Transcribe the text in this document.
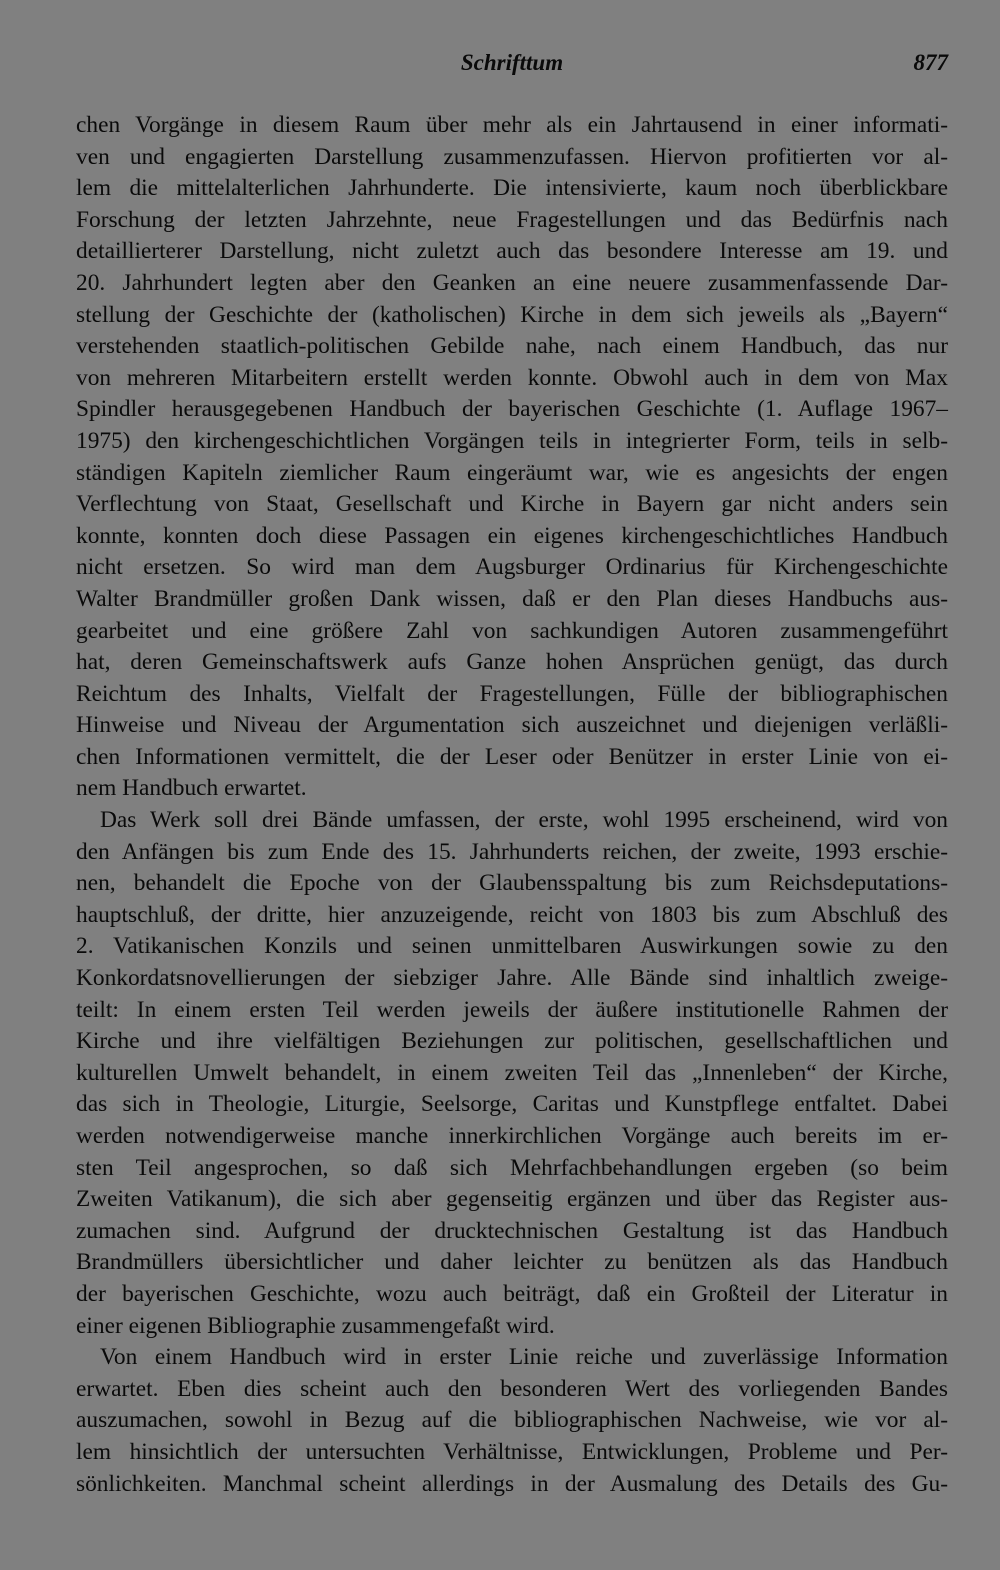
Schrifttum	877
chen Vorgänge in diesem Raum über mehr als ein Jahrtausend in einer informati-
ven und engagierten Darstellung zusammenzufassen. Hiervon profitierten vor al-
lem die mittelalterlichen Jahrhunderte. Die intensivierte, kaum noch überblickbare
Forschung der letzten Jahrzehnte, neue Fragestellungen und das Bedürfnis nach
detaillierterer Darstellung, nicht zuletzt auch das besondere Interesse am 19. und
20. Jahrhundert legten aber den Geanken an eine neuere zusammenfassende Dar-
stellung der Geschichte der (katholischen) Kirche in dem sich jeweils als „Bayern“
verstehenden staatlich-politischen Gebilde nahe, nach einem Handbuch, das nur
von mehreren Mitarbeitern erstellt werden konnte. Obwohl auch in dem von Max
Spindler herausgegebenen Handbuch der bayerischen Geschichte (1. Auflage 1967–
1975) den kirchengeschichtlichen Vorgängen teils in integrierter Form, teils in selb-
ständigen Kapiteln ziemlicher Raum eingeräumt war, wie es angesichts der engen
Verflechtung von Staat, Gesellschaft und Kirche in Bayern gar nicht anders sein
konnte, konnten doch diese Passagen ein eigenes kirchengeschichtliches Handbuch
nicht ersetzen. So wird man dem Augsburger Ordinarius für Kirchengeschichte
Walter Brandmüller großen Dank wissen, daß er den Plan dieses Handbuchs aus-
gearbeitet und eine größere Zahl von sachkundigen Autoren zusammengeführt
hat, deren Gemeinschaftswerk aufs Ganze hohen Ansprüchen genügt, das durch
Reichtum des Inhalts, Vielfalt der Fragestellungen, Fülle der bibliographischen
Hinweise und Niveau der Argumentation sich auszeichnet und diejenigen verläßli-
chen Informationen vermittelt, die der Leser oder Benützer in erster Linie von ei-
nem Handbuch erwartet.
Das Werk soll drei Bände umfassen, der erste, wohl 1995 erscheinend, wird von
den Anfängen bis zum Ende des 15. Jahrhunderts reichen, der zweite, 1993 erschie-
nen, behandelt die Epoche von der Glaubensspaltung bis zum Reichsdeputations-
hauptschluß, der dritte, hier anzuzeigende, reicht von 1803 bis zum Abschluß des
2. Vatikanischen Konzils und seinen unmittelbaren Auswirkungen sowie zu den
Konkordatsnovellierungen der siebziger Jahre. Alle Bände sind inhaltlich zweige-
teilt: In einem ersten Teil werden jeweils der äußere institutionelle Rahmen der
Kirche und ihre vielfältigen Beziehungen zur politischen, gesellschaftlichen und
kulturellen Umwelt behandelt, in einem zweiten Teil das „Innenleben“ der Kirche,
das sich in Theologie, Liturgie, Seelsorge, Caritas und Kunstpflege entfaltet. Dabei
werden notwendigerweise manche innerkirchlichen Vorgänge auch bereits im er-
sten Teil angesprochen, so daß sich Mehrfachbehandlungen ergeben (so beim
Zweiten Vatikanum), die sich aber gegenseitig ergänzen und über das Register aus-
zumachen sind. Aufgrund der drucktechnischen Gestaltung ist das Handbuch
Brandmüllers übersichtlicher und daher leichter zu benützen als das Handbuch
der bayerischen Geschichte, wozu auch beiträgt, daß ein Großteil der Literatur in
einer eigenen Bibliographie zusammengefaßt wird.
Von einem Handbuch wird in erster Linie reiche und zuverlässige Information
erwartet. Eben dies scheint auch den besonderen Wert des vorliegenden Bandes
auszumachen, sowohl in Bezug auf die bibliographischen Nachweise, wie vor al-
lem hinsichtlich der untersuchten Verhältnisse, Entwicklungen, Probleme und Per-
sönlichkeiten. Manchmal scheint allerdings in der Ausmalung des Details des Gu-
